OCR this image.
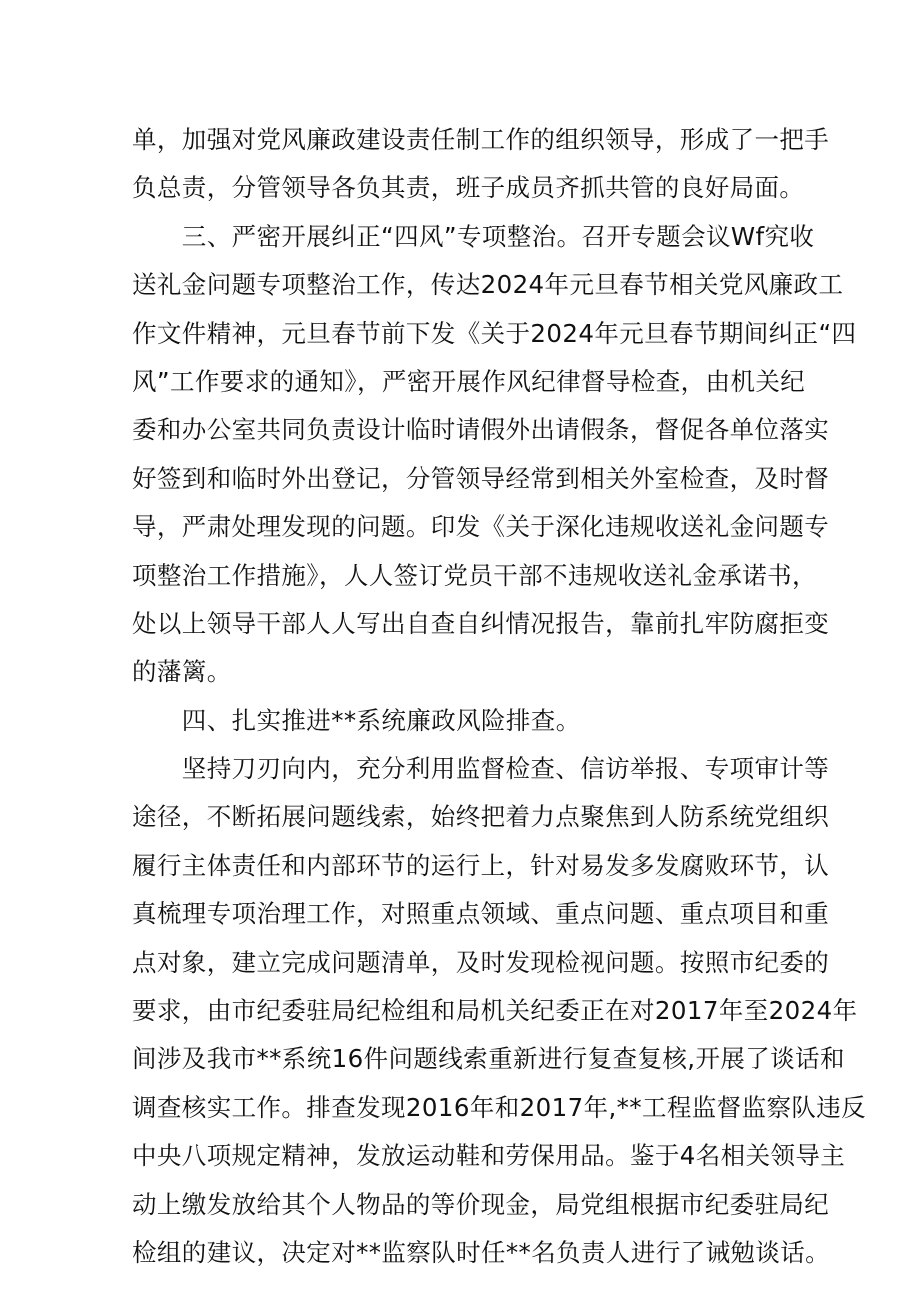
单，加强对党风廉政建设责任制工作的组织领导，形成了一把手
负总责，分管领导各负其责，班子成员齐抓共管的良好局面。
　　三、严密开展纠正“四风”专项整治。召开专题会议Wf究收
送礼金问题专项整治工作，传达2024年元旦春节相关党风廉政工
作文件精神，元旦春节前下发《关于2024年元旦春节期间纠正“四
风”工作要求的通知》，严密开展作风纪律督导检查，由机关纪
委和办公室共同负责设计临时请假外出请假条，督促各单位落实
好签到和临时外出登记，分管领导经常到相关外室检查，及时督
导，严肃处理发现的问题。印发《关于深化违规收送礼金问题专
项整治工作措施》，人人签订党员干部不违规收送礼金承诺书，
处以上领导干部人人写出自查自纠情况报告，靠前扎牢防腐拒变
的藩篱。
　　四、扎实推进**系统廉政风险排查。
　　坚持刀刃向内，充分利用监督检查、信访举报、专项审计等
途径，不断拓展问题线索，始终把着力点聚焦到人防系统党组织
履行主体责任和内部环节的运行上，针对易发多发腐败环节，认
真梳理专项治理工作，对照重点领域、重点问题、重点项目和重
点对象，建立完成问题清单，及时发现检视问题。按照市纪委的
要求，由市纪委驻局纪检组和局机关纪委正在对2017年至2024年
间涉及我市**系统16件问题线索重新进行复查复核,开展了谈话和
调查核实工作。排查发现2016年和2017年,**工程监督监察队违反
中央八项规定精神，发放运动鞋和劳保用品。鉴于4名相关领导主
动上缴发放给其个人物品的等价现金，局党组根据市纪委驻局纪
检组的建议，决定对**监察队时任**名负责人进行了诫勉谈话。
